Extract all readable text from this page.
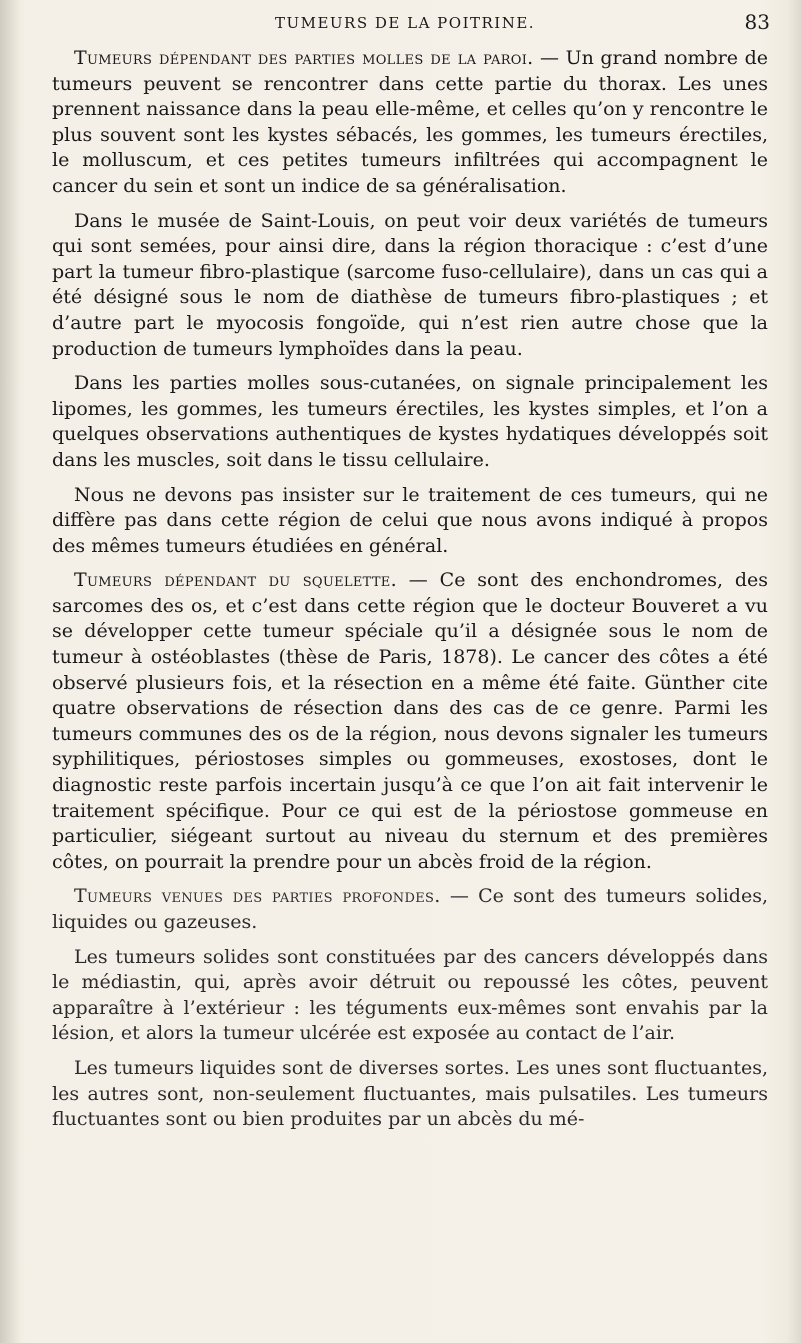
TUMEURS DE LA POITRINE.	83

Tumeurs dépendant des parties molles de la paroi. — Un grand nombre de tumeurs peuvent se rencontrer dans cette partie du thorax. Les unes prennent naissance dans la peau elle-même, et celles qu’on y rencontre le plus souvent sont les kystes sébacés, les gommes, les tumeurs érectiles, le molluscum, et ces petites tumeurs infiltrées qui accompagnent le cancer du sein et sont un indice de sa généralisation.

Dans le musée de Saint-Louis, on peut voir deux variétés de tumeurs qui sont semées, pour ainsi dire, dans la région thoracique : c’est d’une part la tumeur fibro-plastique (sarcome fuso-cellulaire), dans un cas qui a été désigné sous le nom de diathèse de tumeurs fibro-plastiques ; et d’autre part le myocosis fongoïde, qui n’est rien autre chose que la production de tumeurs lymphoïdes dans la peau.

Dans les parties molles sous-cutanées, on signale principalement les lipomes, les gommes, les tumeurs érectiles, les kystes simples, et l’on a quelques observations authentiques de kystes hydatiques développés soit dans les muscles, soit dans le tissu cellulaire.

Nous ne devons pas insister sur le traitement de ces tumeurs, qui ne diffère pas dans cette région de celui que nous avons indiqué à propos des mêmes tumeurs étudiées en général.

Tumeurs dépendant du squelette. — Ce sont des enchondromes, des sarcomes des os, et c’est dans cette région que le docteur Bouveret a vu se développer cette tumeur spéciale qu’il a désignée sous le nom de tumeur à ostéoblastes (thèse de Paris, 1878). Le cancer des côtes a été observé plusieurs fois, et la résection en a même été faite. Günther cite quatre observations de résection dans des cas de ce genre. Parmi les tumeurs communes des os de la région, nous devons signaler les tumeurs syphilitiques, périostoses simples ou gommeuses, exostoses, dont le diagnostic reste parfois incertain jusqu’à ce que l’on ait fait intervenir le traitement spécifique. Pour ce qui est de la périostose gommeuse en particulier, siégeant surtout au niveau du sternum et des premières côtes, on pourrait la prendre pour un abcès froid de la région.

Tumeurs venues des parties profondes. — Ce sont des tumeurs solides, liquides ou gazeuses.

Les tumeurs solides sont constituées par des cancers développés dans le médiastin, qui, après avoir détruit ou repoussé les côtes, peuvent apparaître à l’extérieur : les téguments eux-mêmes sont envahis par la lésion, et alors la tumeur ulcérée est exposée au contact de l’air.

Les tumeurs liquides sont de diverses sortes. Les unes sont fluctuantes, les autres sont, non-seulement fluctuantes, mais pulsatiles. Les tumeurs fluctuantes sont ou bien produites par un abcès du mé-
